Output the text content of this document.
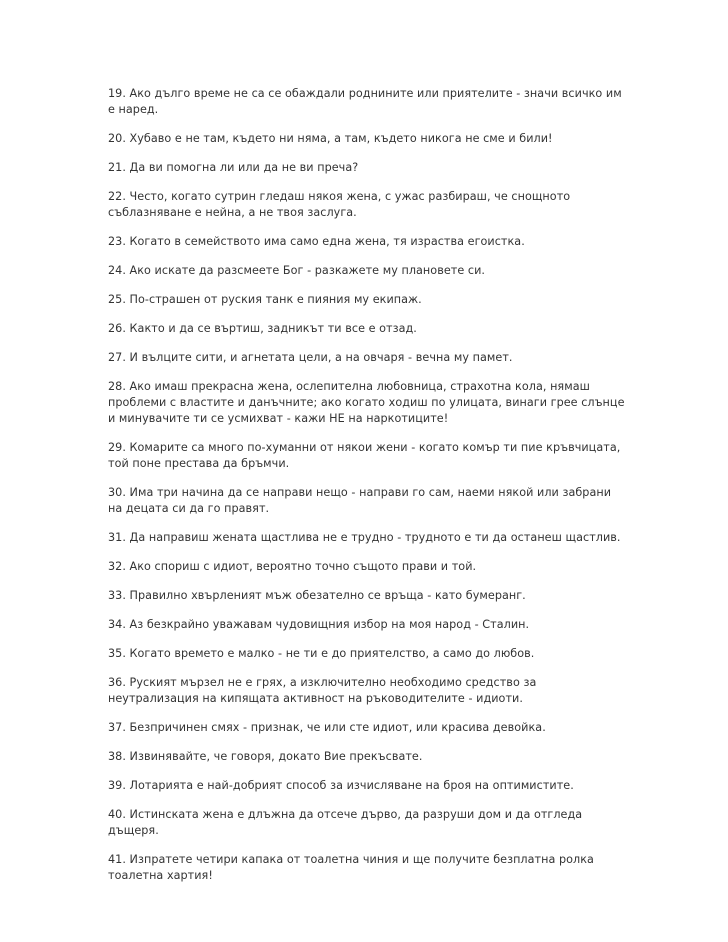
19. Ако дълго време не са се обаждали роднините или приятелите - значи всичко им е наред.

20. Хубаво е не там, където ни няма, а там, където никога не сме и били!

21. Да ви помогна ли или да не ви преча?

22. Често, когато сутрин гледаш някоя жена, с ужас разбираш, че снощното съблазняване е нейна, а не твоя заслуга.

23. Когато в семейството има само една жена, тя израства егоистка.

24. Ако искате да разсмеете Бог - разкажете му плановете си.

25. По-страшен от руския танк е пияния му екипаж.

26. Както и да се въртиш, задникът ти все е отзад.

27. И вълците сити, и агнетата цели, а на овчаря - вечна му памет.

28. Ако имаш прекрасна жена, ослепителна любовница, страхотна кола, нямаш проблеми с властите и данъчните; ако когато ходиш по улицата, винаги грее слънце и минувачите ти се усмихват - кажи НЕ на наркотиците!

29. Комарите са много по-хуманни от някои жени - когато комър ти пие кръвчицата, той поне престава да бръмчи.

30. Има три начина да се направи нещо - направи го сам, наеми някой или забрани на децата си да го правят.

31. Да направиш жената щастлива не е трудно - трудното е ти да останеш щастлив.

32. Ако спориш с идиот, вероятно точно същото прави и той.

33. Правилно хвърленият мъж обезателно се връща - като бумеранг.

34. Аз безкрайно уважавам чудовищния избор на моя народ - Сталин.

35. Когато времето е малко - не ти е до приятелство, а само до любов.

36. Руският мързел не е грях, а изключително необходимо средство за неутрализация на кипящата активност на ръководителите - идиоти.

37. Безпричинен смях - признак, че или сте идиот, или красива девойка.

38. Извинявайте, че говоря, докато Вие прекъсвате.

39. Лотарията е най-добрият способ за изчисляване на броя на оптимистите.

40. Истинската жена е длъжна да отсече дърво, да разруши дом и да отгледа дъщеря.

41. Изпратете четири капака от тоалетна чиния и ще получите безплатна ролка тоалетна хартия!
